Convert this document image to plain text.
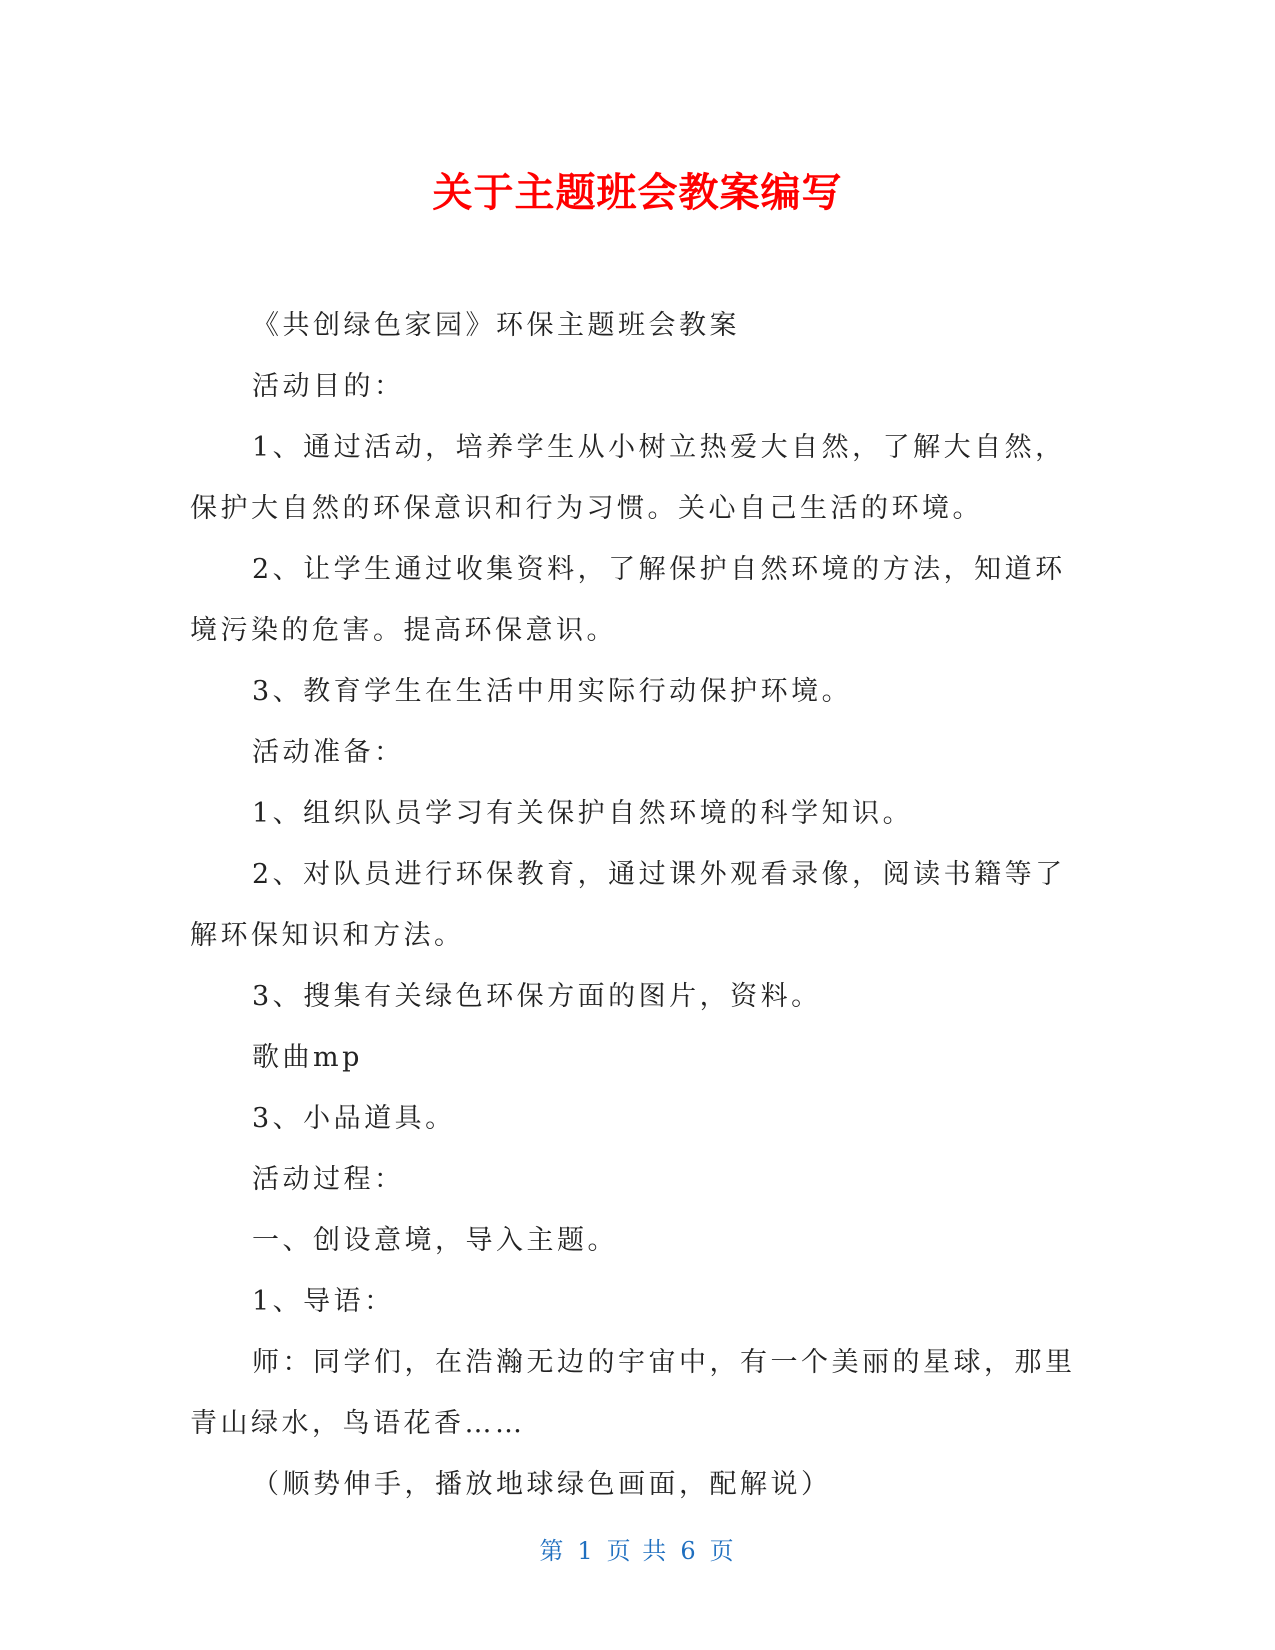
关于主题班会教案编写

《共创绿色家园》环保主题班会教案

活动目的：

1、通过活动，培养学生从小树立热爱大自然，了解大自然，保护大自然的环保意识和行为习惯。关心自己生活的环境。

2、让学生通过收集资料，了解保护自然环境的方法，知道环境污染的危害。提高环保意识。

3、教育学生在生活中用实际行动保护环境。

活动准备：

1、组织队员学习有关保护自然环境的科学知识。

2、对队员进行环保教育，通过课外观看录像，阅读书籍等了解环保知识和方法。

3、搜集有关绿色环保方面的图片，资料。

歌曲mp

3、小品道具。

活动过程：

一、创设意境，导入主题。

1、导语：

师：同学们，在浩瀚无边的宇宙中，有一个美丽的星球，那里青山绿水，鸟语花香……

（顺势伸手，播放地球绿色画面，配解说）

第 1 页 共 6 页
